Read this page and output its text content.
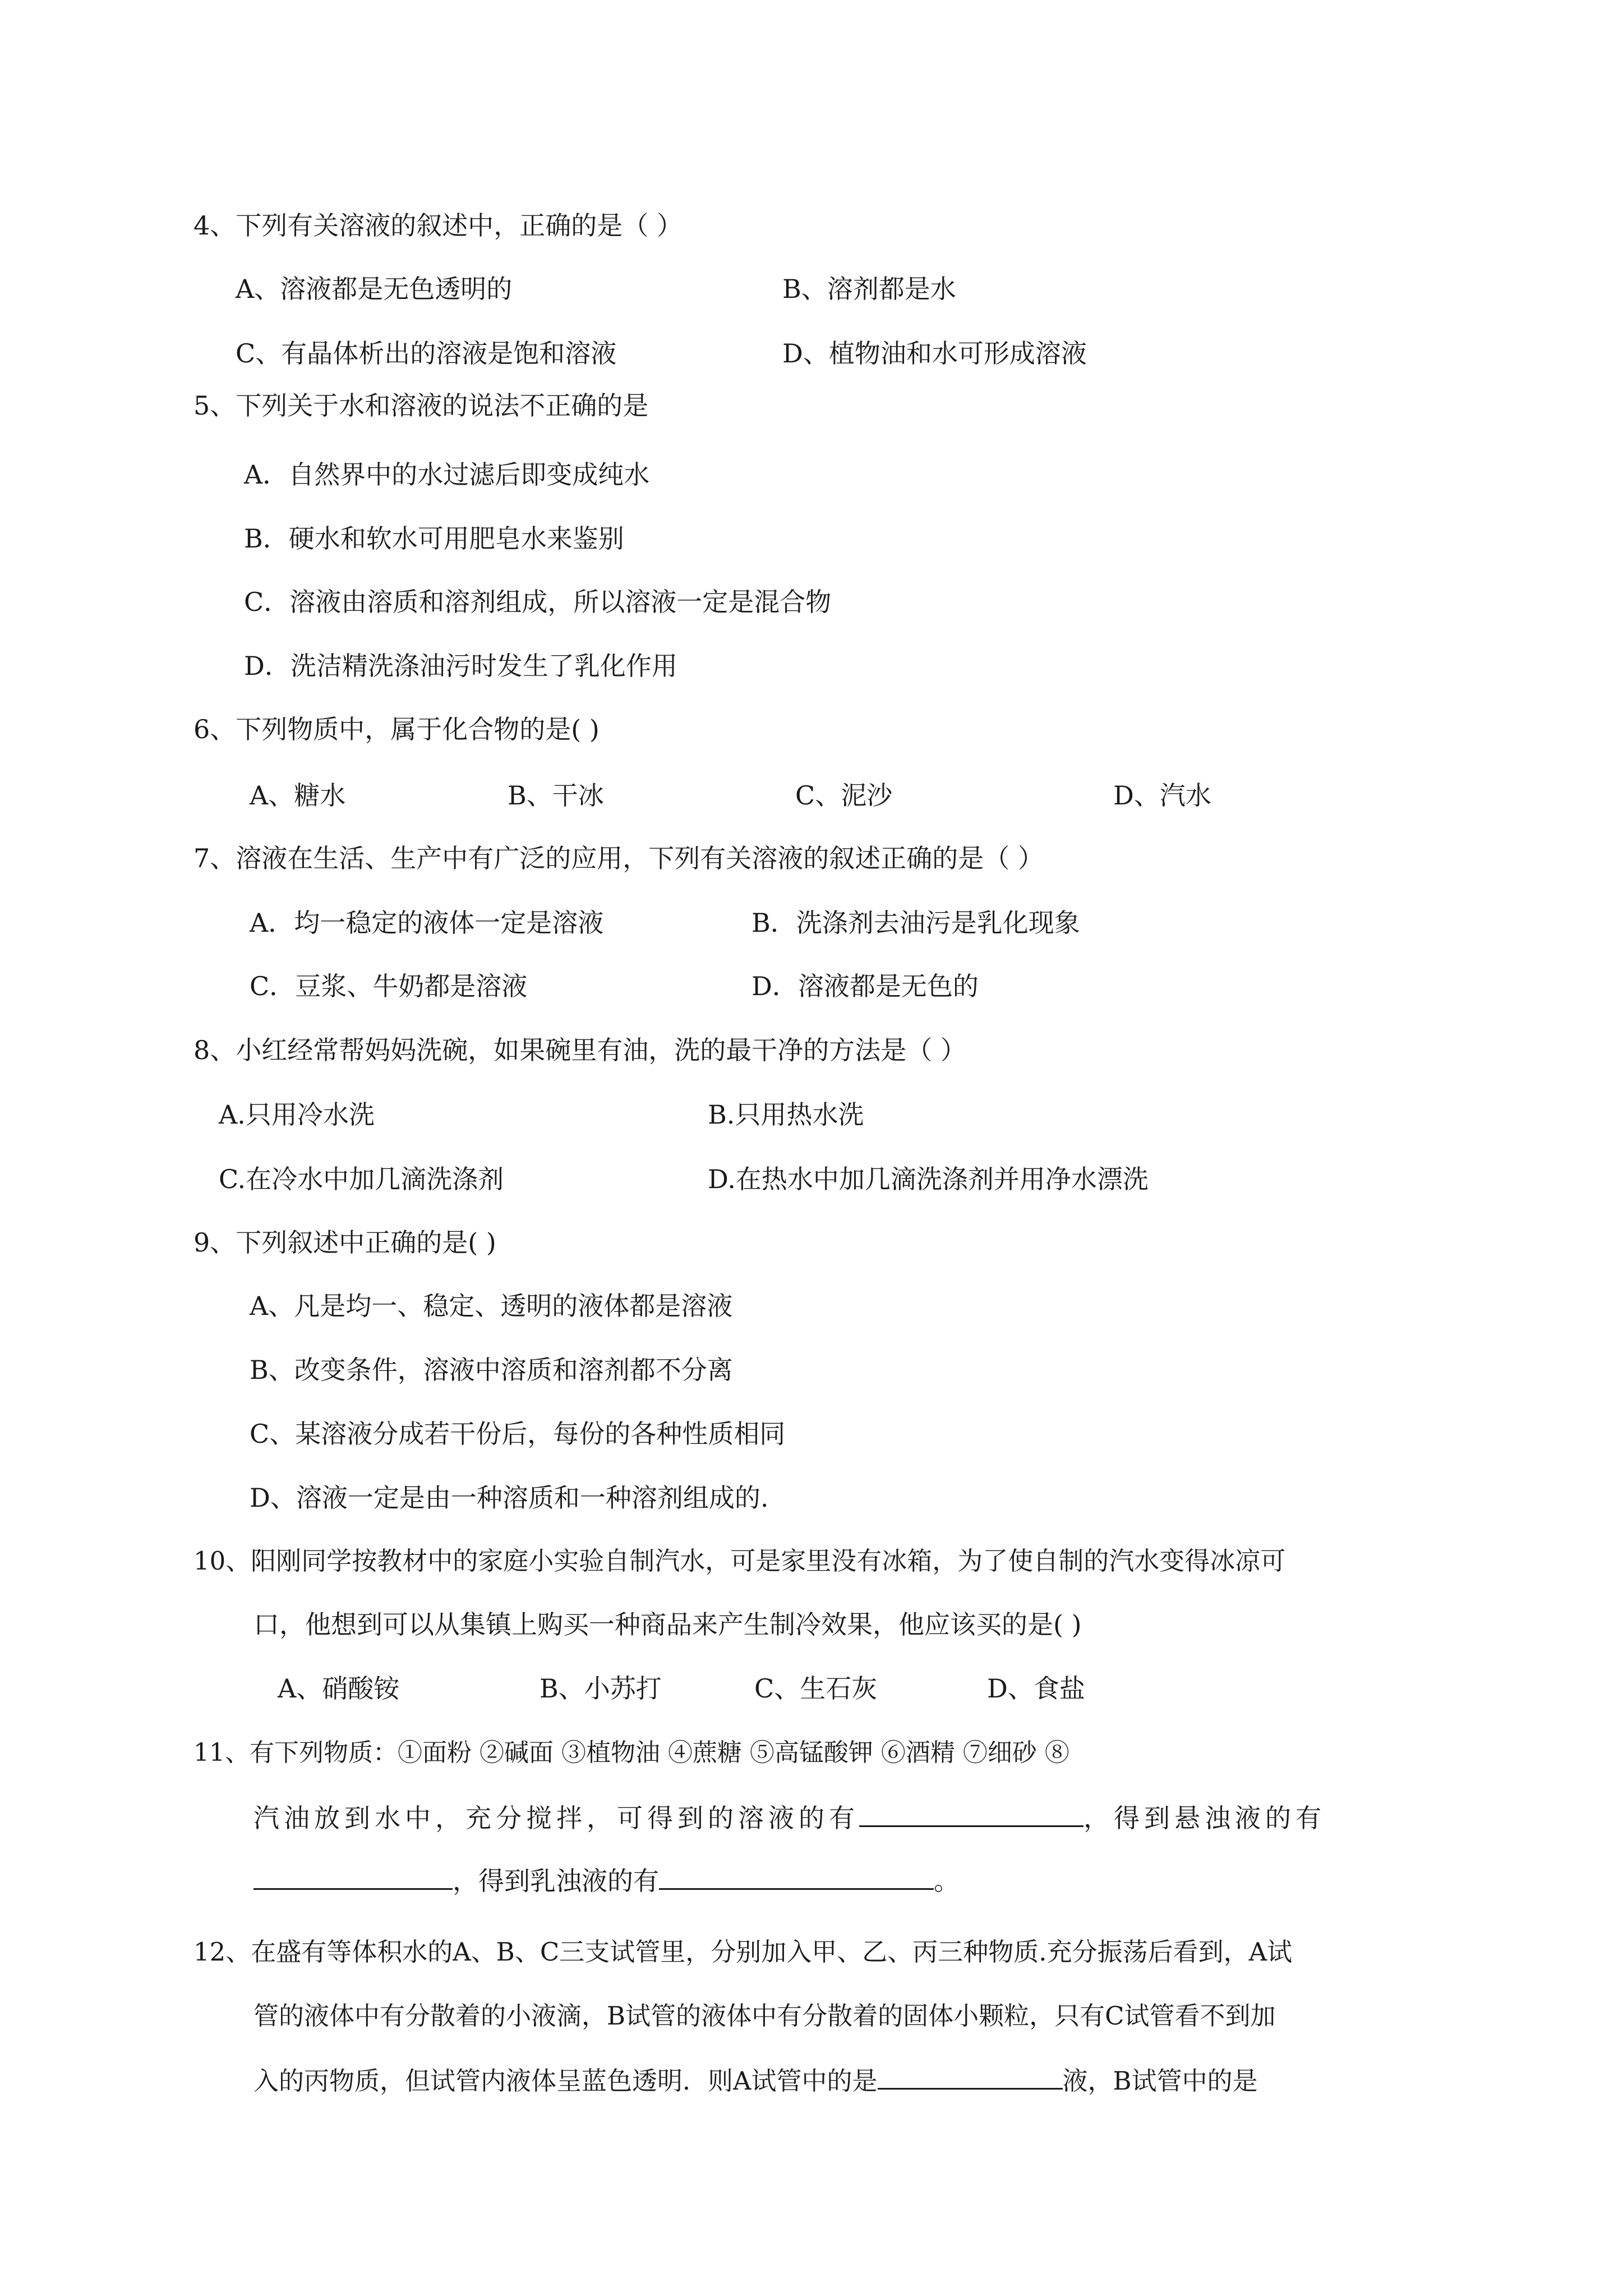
4、下列有关溶液的叙述中，正确的是（ ）
A、溶液都是无色透明的	B、溶剂都是水
C、有晶体析出的溶液是饱和溶液	D、植物油和水可形成溶液
5、下列关于水和溶液的说法不正确的是
A．自然界中的水过滤后即变成纯水
B．硬水和软水可用肥皂水来鉴别
C．溶液由溶质和溶剂组成，所以溶液一定是混合物
D．洗洁精洗涤油污时发生了乳化作用
6、下列物质中，属于化合物的是( )
A、糖水	B、干冰	C、泥沙	D、汽水
7、溶液在生活、生产中有广泛的应用，下列有关溶液的叙述正确的是（ ）
A．均一稳定的液体一定是溶液	B．洗涤剂去油污是乳化现象
C．豆浆、牛奶都是溶液	D．溶液都是无色的
8、小红经常帮妈妈洗碗，如果碗里有油，洗的最干净的方法是（ ）
A.只用冷水洗	B.只用热水洗
C.在冷水中加几滴洗涤剂	D.在热水中加几滴洗涤剂并用净水漂洗
9、下列叙述中正确的是( )
A、凡是均一、稳定、透明的液体都是溶液
B、改变条件，溶液中溶质和溶剂都不分离
C、某溶液分成若干份后，每份的各种性质相同
D、溶液一定是由一种溶质和一种溶剂组成的.
10、阳刚同学按教材中的家庭小实验自制汽水，可是家里没有冰箱，为了使自制的汽水变得冰凉可
口，他想到可以从集镇上购买一种商品来产生制冷效果，他应该买的是( )
A、硝酸铵	B、小苏打	C、生石灰	D、食盐
11、有下列物质：①面粉 ②碱面 ③植物油 ④蔗糖 ⑤高锰酸钾 ⑥酒精 ⑦细砂 ⑧
汽油放到水中，充分搅拌，可得到的溶液的有	，得到悬浊液的有
，得到乳浊液的有	。
12、在盛有等体积水的A、B、C三支试管里，分别加入甲、乙、丙三种物质.充分振荡后看到，A试
管的液体中有分散着的小液滴，B试管的液体中有分散着的固体小颗粒，只有C试管看不到加
入的丙物质，但试管内液体呈蓝色透明．则A试管中的是	液，B试管中的是
